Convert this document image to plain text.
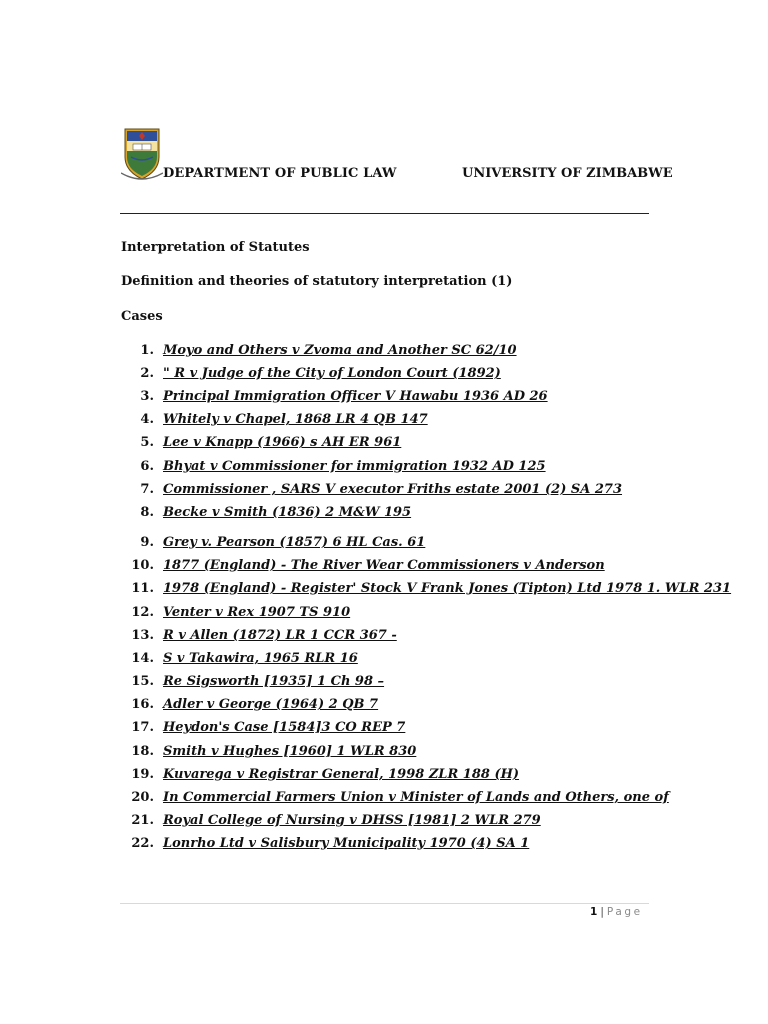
DEPARTMENT OF PUBLIC LAW	UNIVERSITY OF ZIMBABWE
Interpretation of Statutes
Definition and theories of statutory interpretation (1)
Cases
1. Moyo and Others v Zvoma and Another SC 62/10
2. " R v Judge of the City of London Court (1892)
3. Principal Immigration Officer V Hawabu 1936 AD 26
4. Whitely v Chapel, 1868 LR 4 QB 147
5. Lee v Knapp (1966) s AH ER 961
6. Bhyat v Commissioner for immigration 1932 AD 125
7. Commissioner , SARS V executor Friths estate 2001 (2) SA 273
8. Becke v Smith (1836) 2 M&W 195
9. Grey v. Pearson (1857) 6 HL Cas. 61
10. 1877 (England) - The River Wear Commissioners v Anderson
11. 1978 (England) - Register' Stock V Frank Jones (Tipton) Ltd 1978 1. WLR 231
12. Venter v Rex 1907 TS 910
13. R v Allen (1872) LR 1 CCR 367 -
14. S v Takawira, 1965 RLR 16
15. Re Sigsworth [1935] 1 Ch 98 –
16. Adler v George (1964) 2 QB 7
17. Heydon's Case [1584]3 CO REP 7
18. Smith v Hughes [1960] 1 WLR 830
19. Kuvarega v Registrar General, 1998 ZLR 188 (H)
20. In Commercial Farmers Union v Minister of Lands and Others, one of
21. Royal College of Nursing v DHSS [1981] 2 WLR 279
22. Lonrho Ltd v Salisbury Municipality 1970 (4) SA 1
1 | Page
